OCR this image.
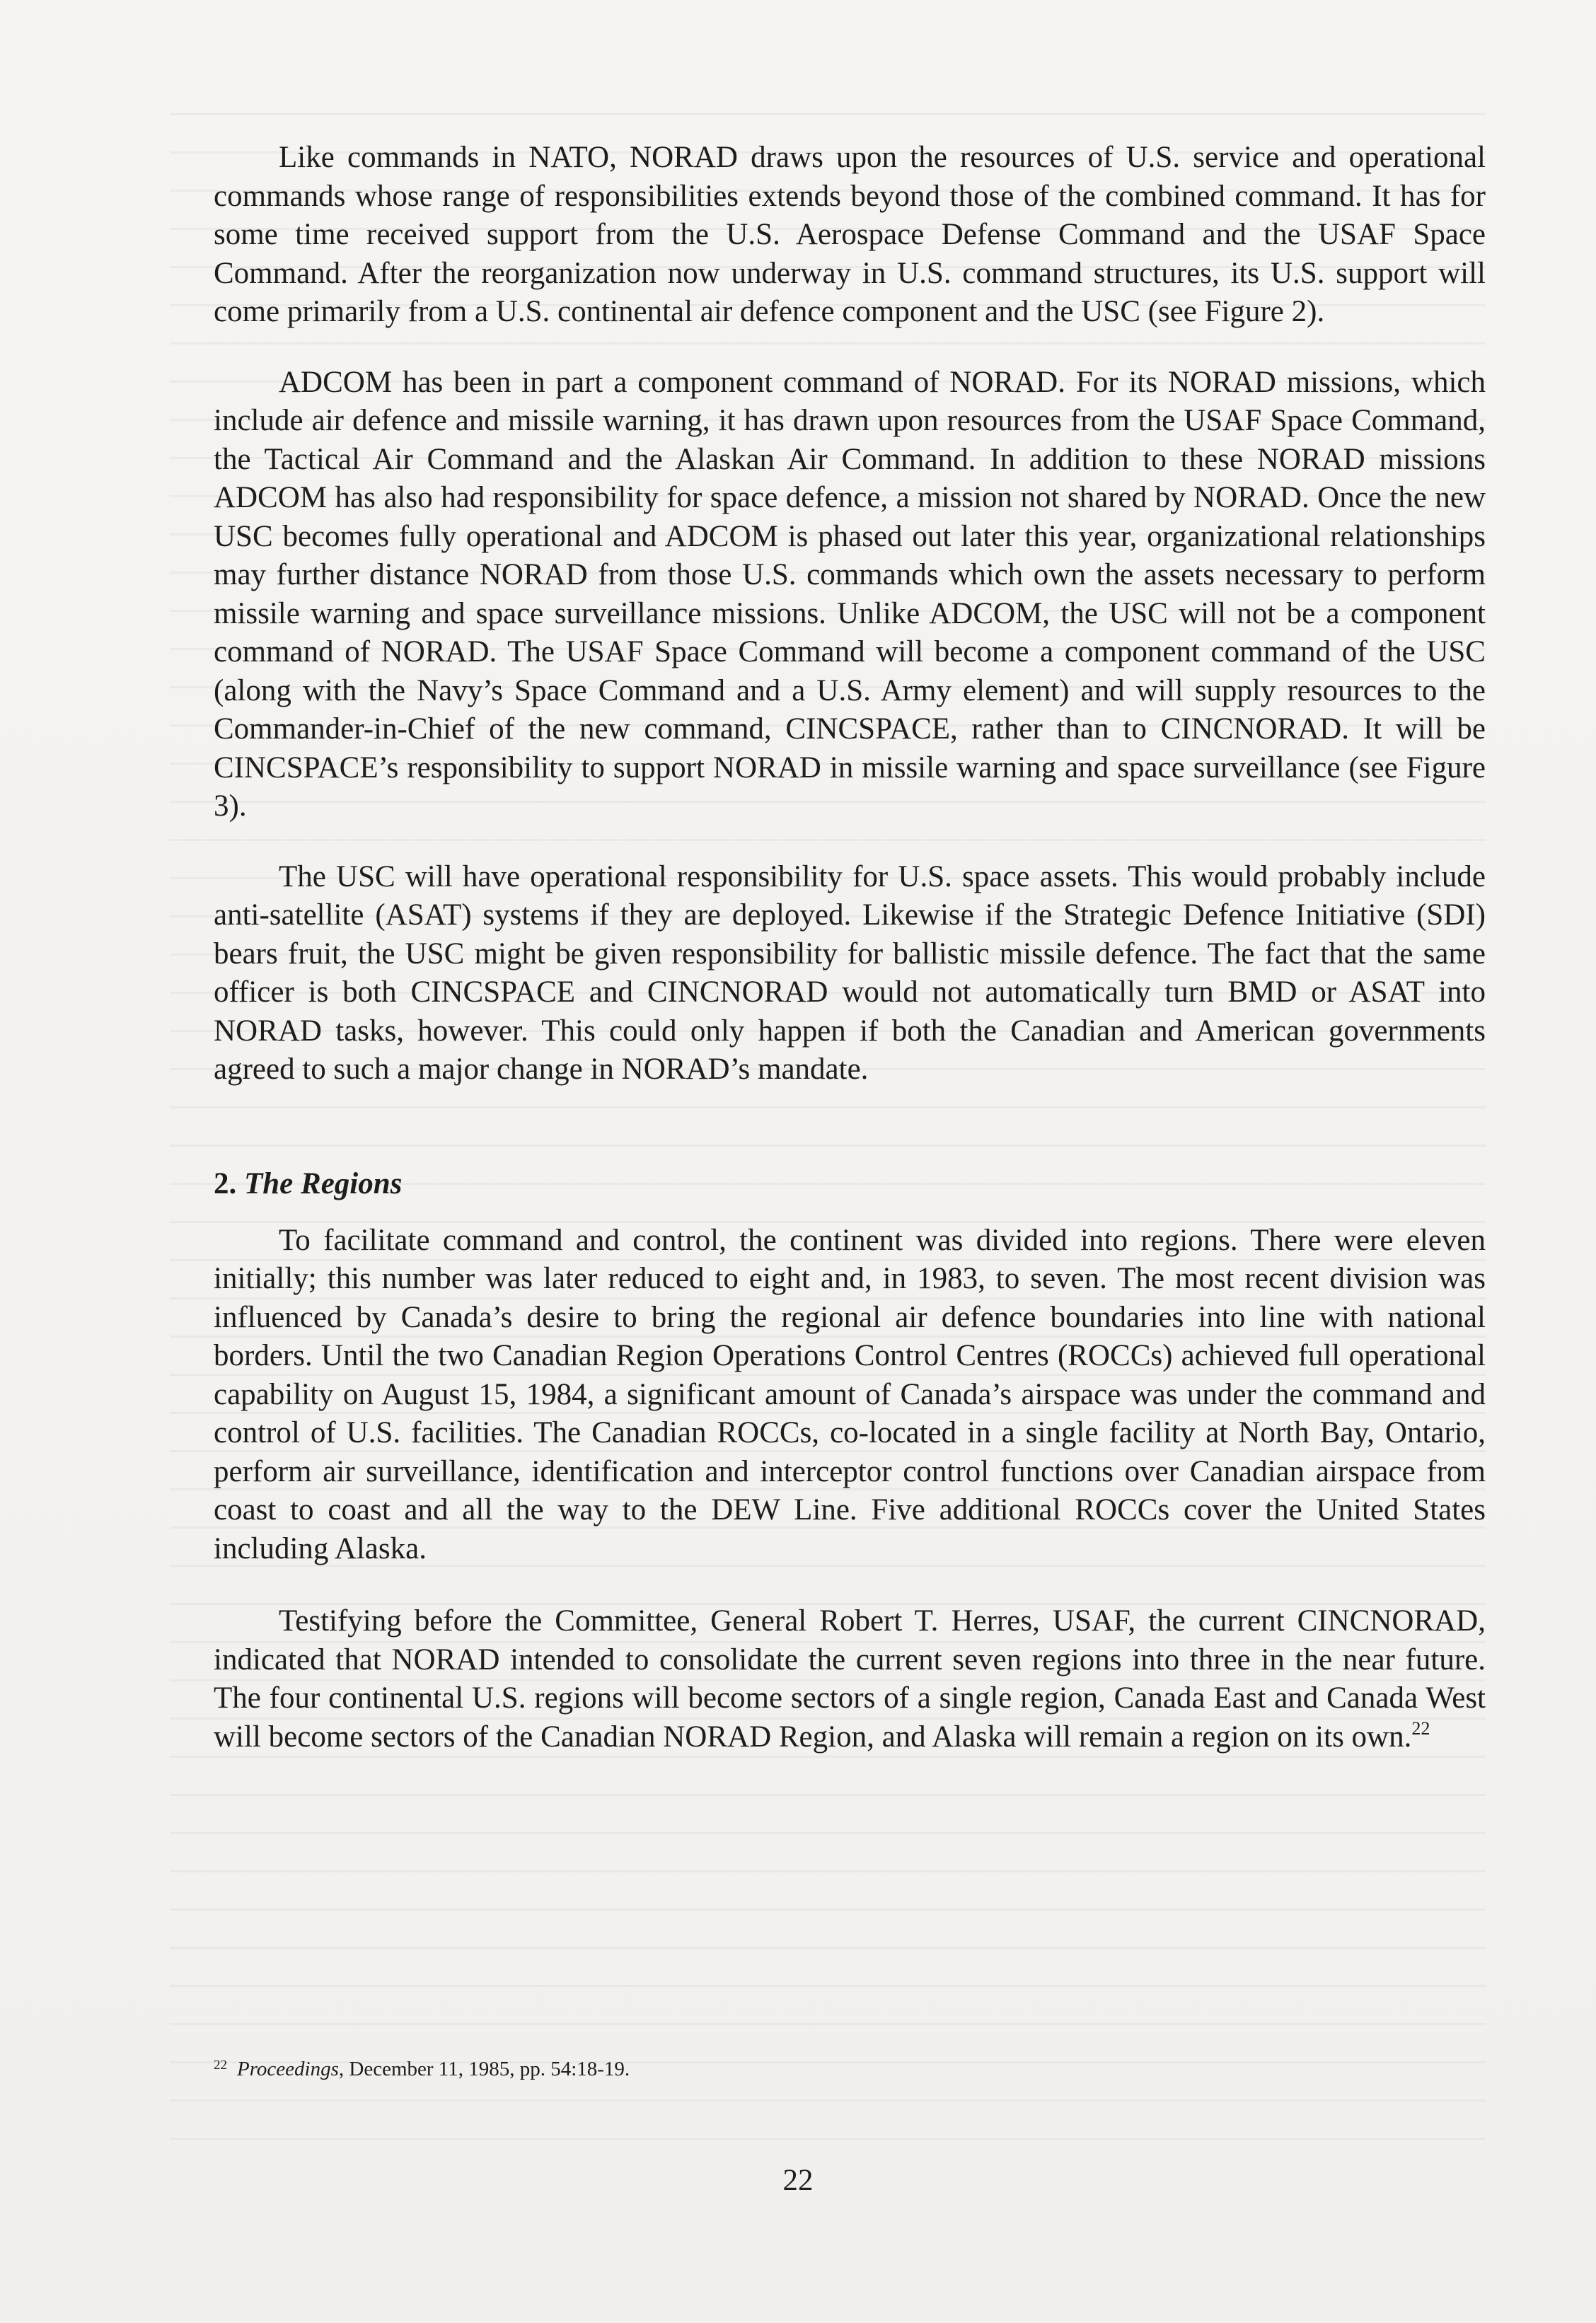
Like commands in NATO, NORAD draws upon the resources of U.S. service and operational commands whose range of responsibilities extends beyond those of the combined command. It has for some time received support from the U.S. Aerospace Defense Command and the USAF Space Command. After the reorganization now underway in U.S. command structures, its U.S. support will come primarily from a U.S. continental air defence component and the USC (see Figure 2).

ADCOM has been in part a component command of NORAD. For its NORAD missions, which include air defence and missile warning, it has drawn upon resources from the USAF Space Command, the Tactical Air Command and the Alaskan Air Command. In addition to these NORAD missions ADCOM has also had responsibility for space defence, a mission not shared by NORAD. Once the new USC becomes fully operational and ADCOM is phased out later this year, organizational relationships may further distance NORAD from those U.S. commands which own the assets necessary to perform missile warning and space surveillance missions. Unlike ADCOM, the USC will not be a component command of NORAD. The USAF Space Command will become a component command of the USC (along with the Navy’s Space Command and a U.S. Army element) and will supply resources to the Commander-in-Chief of the new command, CINCSPACE, rather than to CINCNORAD. It will be CINCSPACE’s responsibility to support NORAD in missile warning and space surveillance (see Figure 3).

The USC will have operational responsibility for U.S. space assets. This would probably include anti-satellite (ASAT) systems if they are deployed. Likewise if the Strategic Defence Initiative (SDI) bears fruit, the USC might be given responsibility for ballistic missile defence. The fact that the same officer is both CINCSPACE and CINCNORAD would not automatically turn BMD or ASAT into NORAD tasks, however. This could only happen if both the Canadian and American governments agreed to such a major change in NORAD’s mandate.

2. The Regions

To facilitate command and control, the continent was divided into regions. There were eleven initially; this number was later reduced to eight and, in 1983, to seven. The most recent division was influenced by Canada’s desire to bring the regional air defence boundaries into line with national borders. Until the two Canadian Region Operations Control Centres (ROCCs) achieved full operational capability on August 15, 1984, a significant amount of Canada’s airspace was under the command and control of U.S. facilities. The Canadian ROCCs, co-located in a single facility at North Bay, Ontario, perform air surveillance, identification and interceptor control functions over Canadian airspace from coast to coast and all the way to the DEW Line. Five additional ROCCs cover the United States including Alaska.

Testifying before the Committee, General Robert T. Herres, USAF, the current CINCNORAD, indicated that NORAD intended to consolidate the current seven regions into three in the near future. The four continental U.S. regions will become sectors of a single region, Canada East and Canada West will become sectors of the Canadian NORAD Region, and Alaska will remain a region on its own.$^{22}$

$^{22}$ Proceedings, December 11, 1985, pp. 54:18-19.
22
